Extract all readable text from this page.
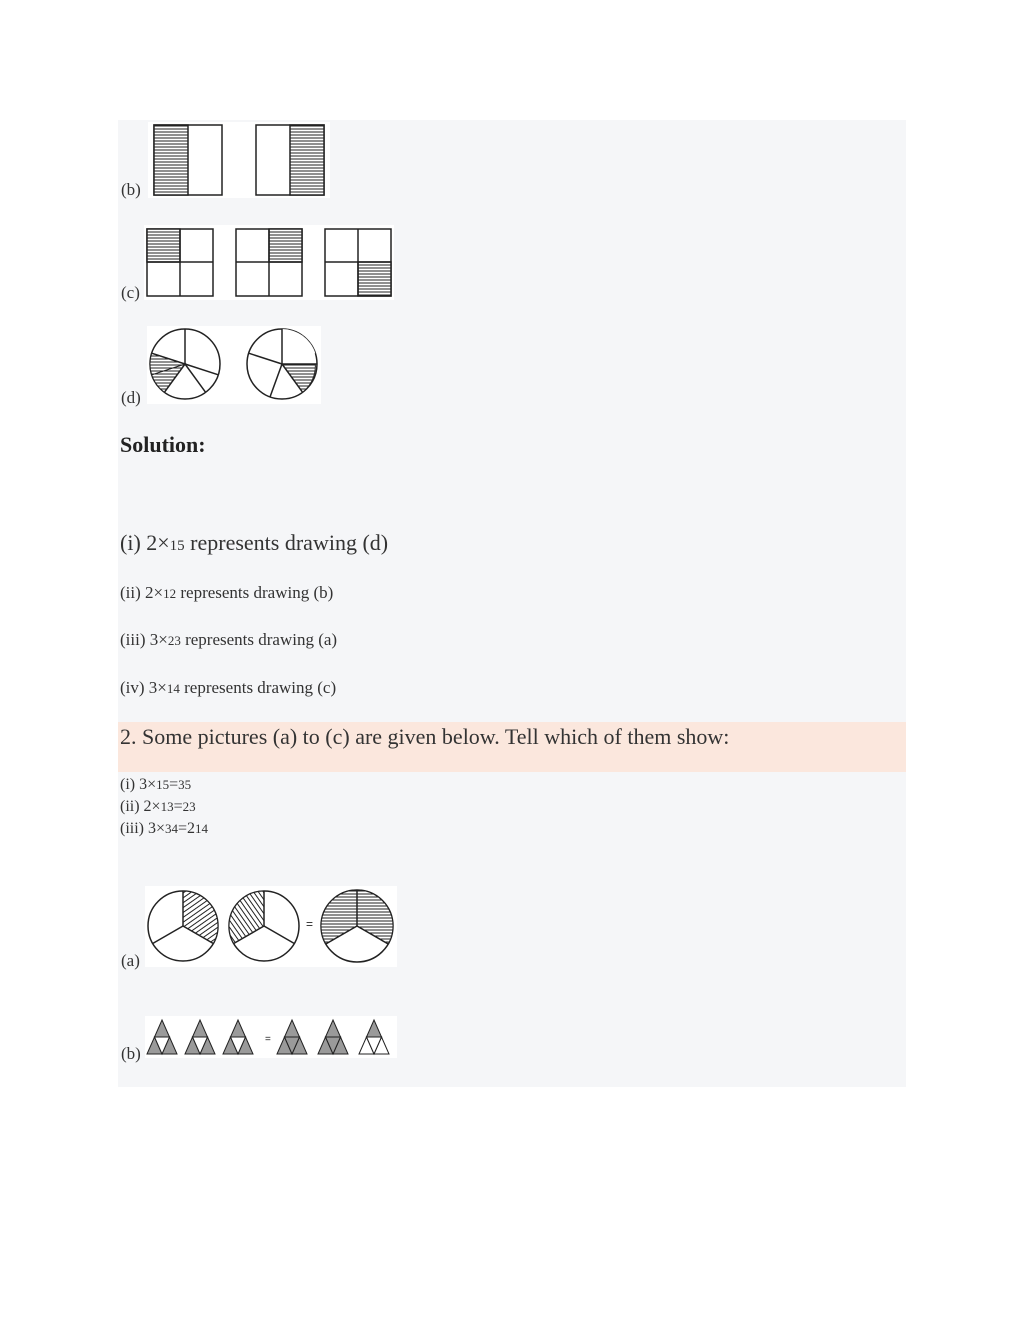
(b)
(c)
(d)
Solution:
(i) 2×15 represents drawing (d)
(ii) 2×12 represents drawing (b)
(iii) 3×23 represents drawing (a)
(iv) 3×14 represents drawing (c)
2. Some pictures (a) to (c) are given below. Tell which of them show:
(i) 3×15=35
(ii) 2×13=23
(iii) 3×34=214
(a)
=
(b)
=
